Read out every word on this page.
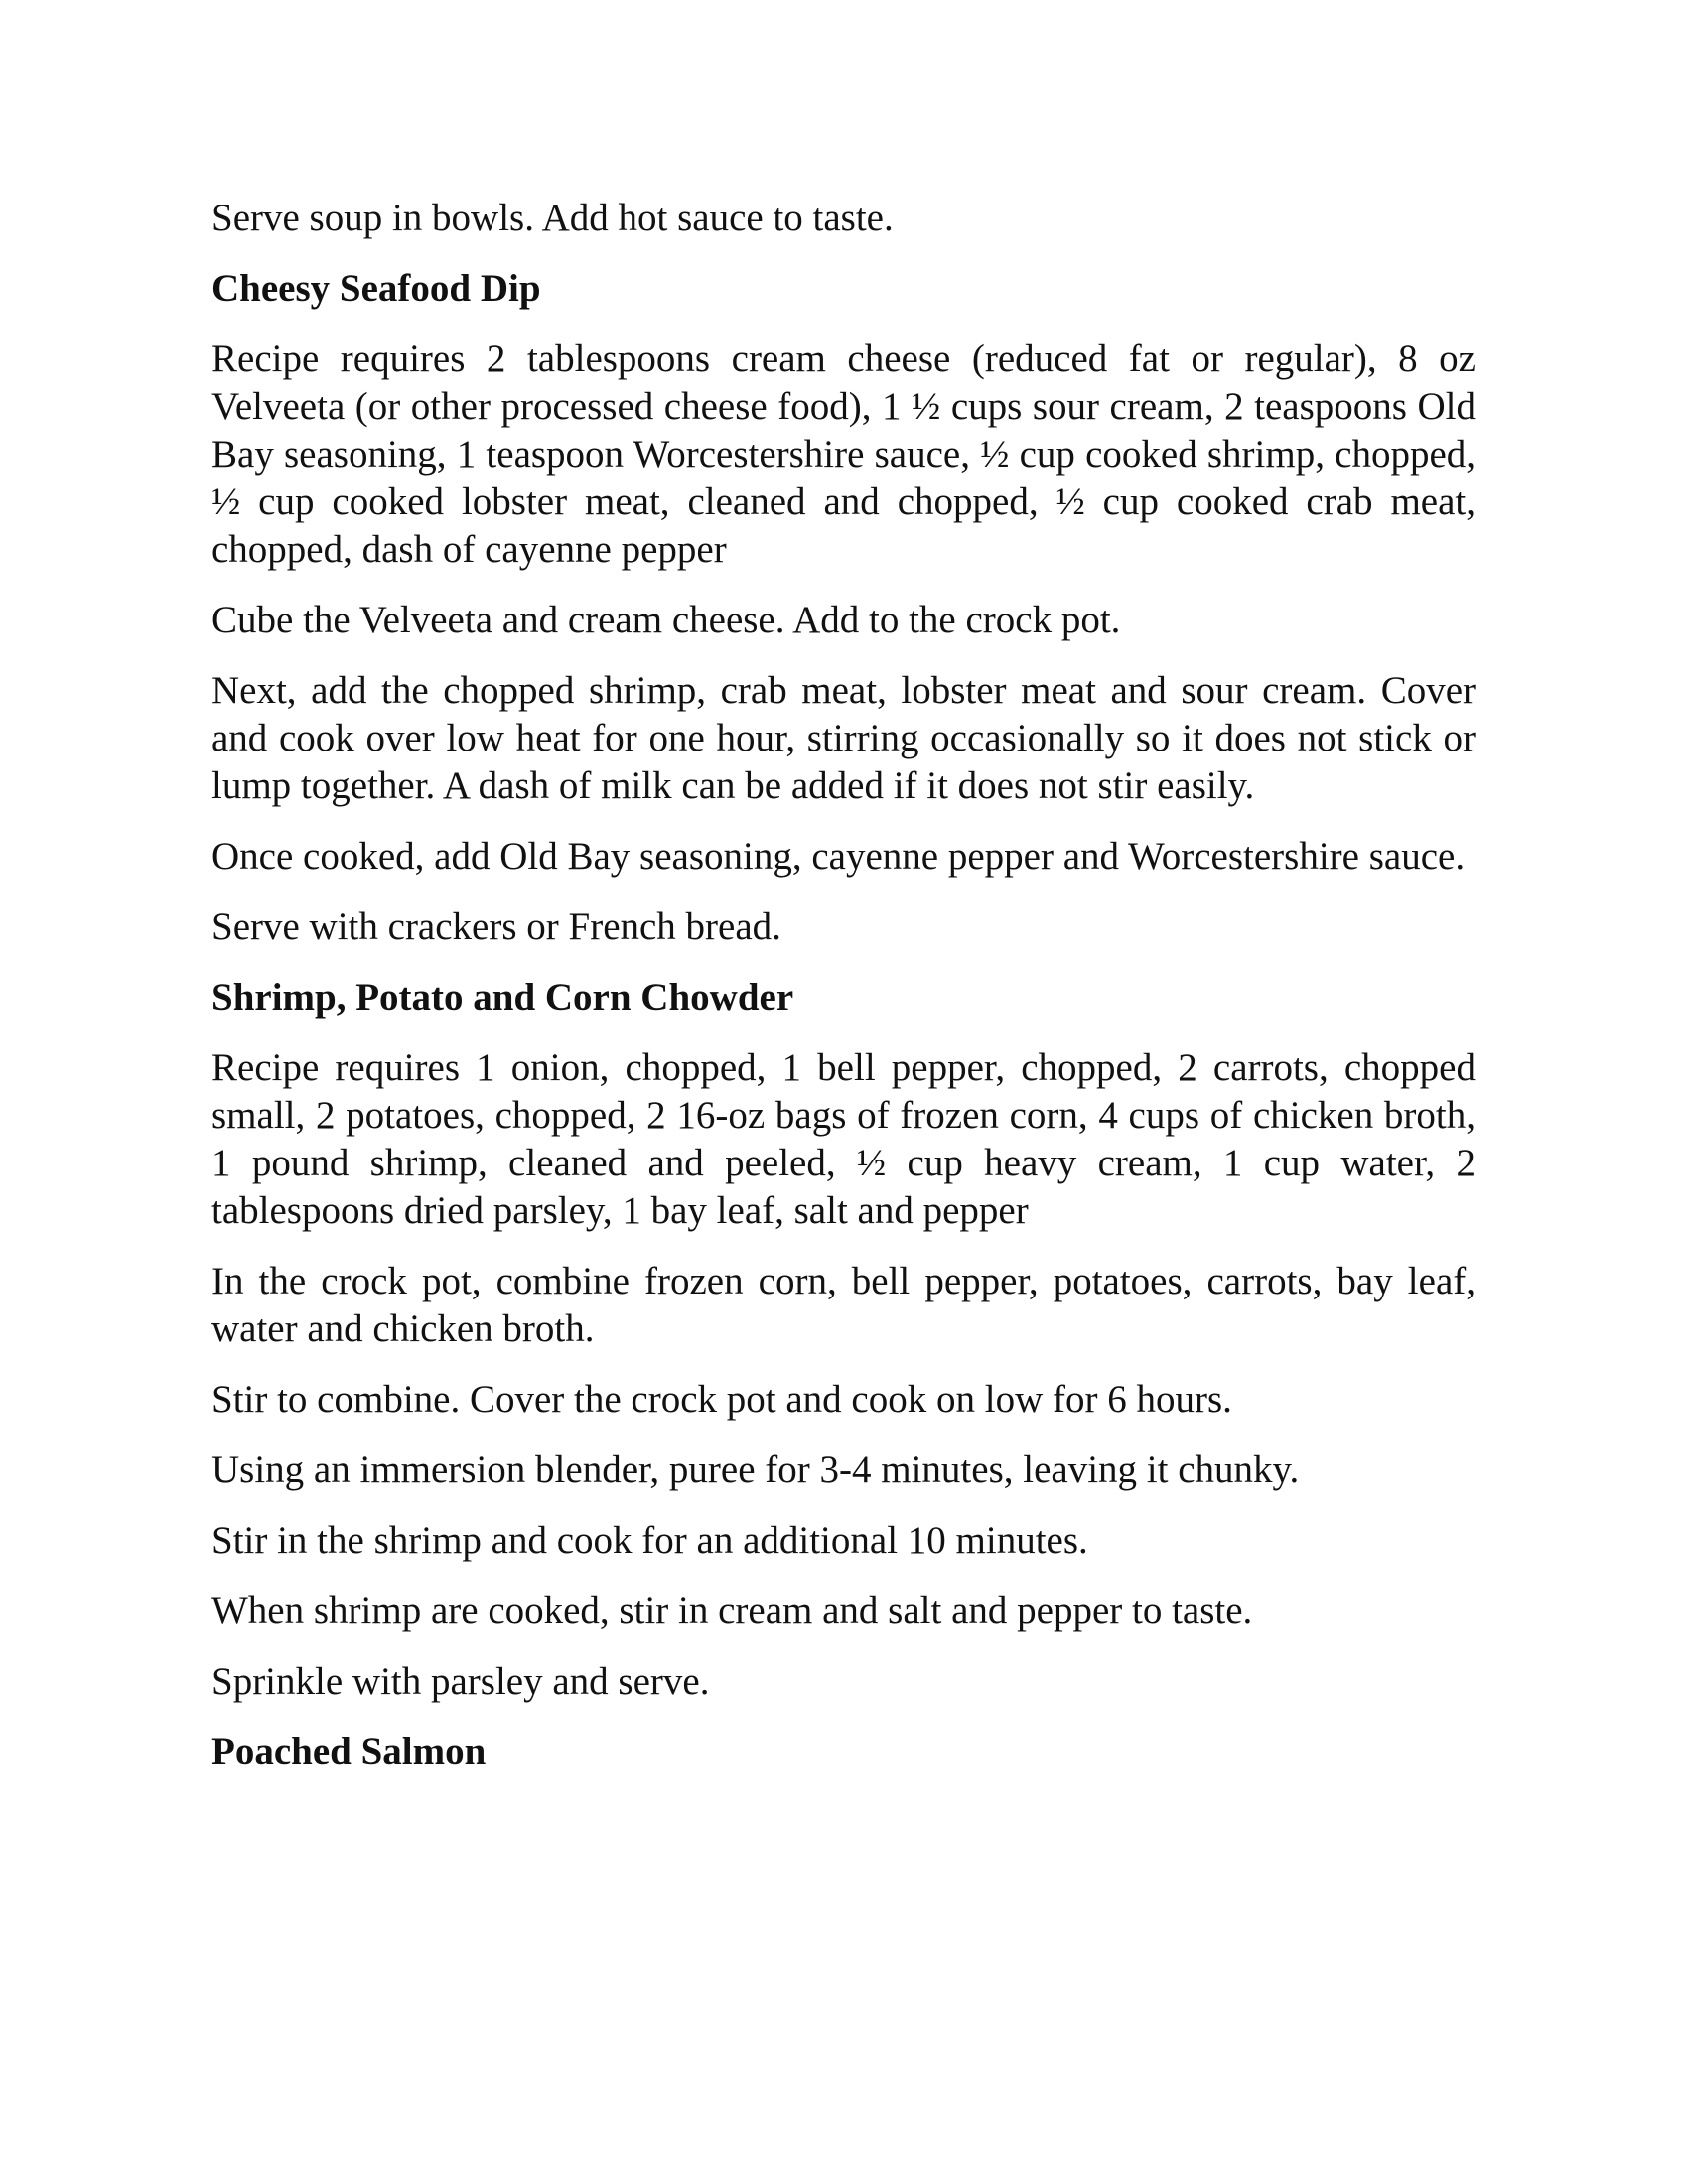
Serve soup in bowls. Add hot sauce to taste.

Cheesy Seafood Dip

Recipe requires 2 tablespoons cream cheese (reduced fat or regular), 8 oz Velveeta (or other processed cheese food), 1 ½ cups sour cream, 2 teaspoons Old Bay seasoning, 1 teaspoon Worcestershire sauce, ½ cup cooked shrimp, chopped, ½ cup cooked lobster meat, cleaned and chopped, ½ cup cooked crab meat, chopped, dash of cayenne pepper

Cube the Velveeta and cream cheese. Add to the crock pot.

Next, add the chopped shrimp, crab meat, lobster meat and sour cream. Cover and cook over low heat for one hour, stirring occasionally so it does not stick or lump together. A dash of milk can be added if it does not stir easily.

Once cooked, add Old Bay seasoning, cayenne pepper and Worcestershire sauce.

Serve with crackers or French bread.

Shrimp, Potato and Corn Chowder

Recipe requires 1 onion, chopped, 1 bell pepper, chopped, 2 carrots, chopped small, 2 potatoes, chopped, 2 16-oz bags of frozen corn, 4 cups of chicken broth, 1 pound shrimp, cleaned and peeled, ½ cup heavy cream, 1 cup water, 2 tablespoons dried parsley, 1 bay leaf, salt and pepper

In the crock pot, combine frozen corn, bell pepper, potatoes, carrots, bay leaf, water and chicken broth.

Stir to combine. Cover the crock pot and cook on low for 6 hours.

Using an immersion blender, puree for 3-4 minutes, leaving it chunky.

Stir in the shrimp and cook for an additional 10 minutes.

When shrimp are cooked, stir in cream and salt and pepper to taste.

Sprinkle with parsley and serve.

Poached Salmon
